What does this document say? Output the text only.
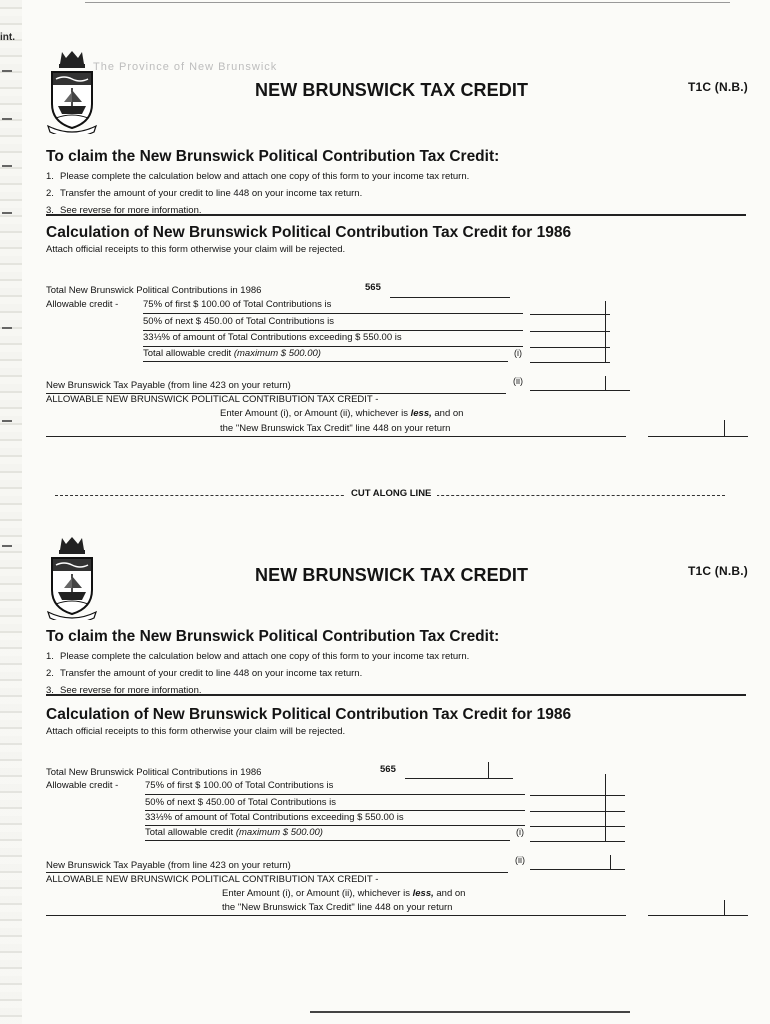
int.
The Province of New Brunswick
NEW BRUNSWICK TAX CREDIT	T1C (N.B.)
To claim the New Brunswick Political Contribution Tax Credit:
1. Please complete the calculation below and attach one copy of this form to your income tax return.
2. Transfer the amount of your credit to line 448 on your income tax return.
3. See reverse for more information.
Calculation of New Brunswick Political Contribution Tax Credit for 1986
Attach official receipts to this form otherwise your claim will be rejected.
Total New Brunswick Political Contributions in 1986	565
Allowable credit -	75% of first $ 100.00 of Total Contributions is
50% of next $ 450.00 of Total Contributions is
33⅓% of amount of Total Contributions exceeding $ 550.00 is
Total allowable credit (maximum $ 500.00)	(i)
New Brunswick Tax Payable (from line 423 on your return)	(ii)
ALLOWABLE NEW BRUNSWICK POLITICAL CONTRIBUTION TAX CREDIT -
Enter Amount (i), or Amount (ii), whichever is less, and on
the "New Brunswick Tax Credit" line 448 on your return
CUT ALONG LINE
NEW BRUNSWICK TAX CREDIT	T1C (N.B.)
To claim the New Brunswick Political Contribution Tax Credit:
1. Please complete the calculation below and attach one copy of this form to your income tax return.
2. Transfer the amount of your credit to line 448 on your income tax return.
3. See reverse for more information.
Calculation of New Brunswick Political Contribution Tax Credit for 1986
Attach official receipts to this form otherwise your claim will be rejected.
Total New Brunswick Political Contributions in 1986	565
Allowable credit -	75% of first $ 100.00 of Total Contributions is
50% of next $ 450.00 of Total Contributions is
33⅓% of amount of Total Contributions exceeding $ 550.00 is
Total allowable credit (maximum $ 500.00)	(i)
New Brunswick Tax Payable (from line 423 on your return)	(ii)
ALLOWABLE NEW BRUNSWICK POLITICAL CONTRIBUTION TAX CREDIT -
Enter Amount (i), or Amount (ii), whichever is less, and on
the "New Brunswick Tax Credit" line 448 on your return
